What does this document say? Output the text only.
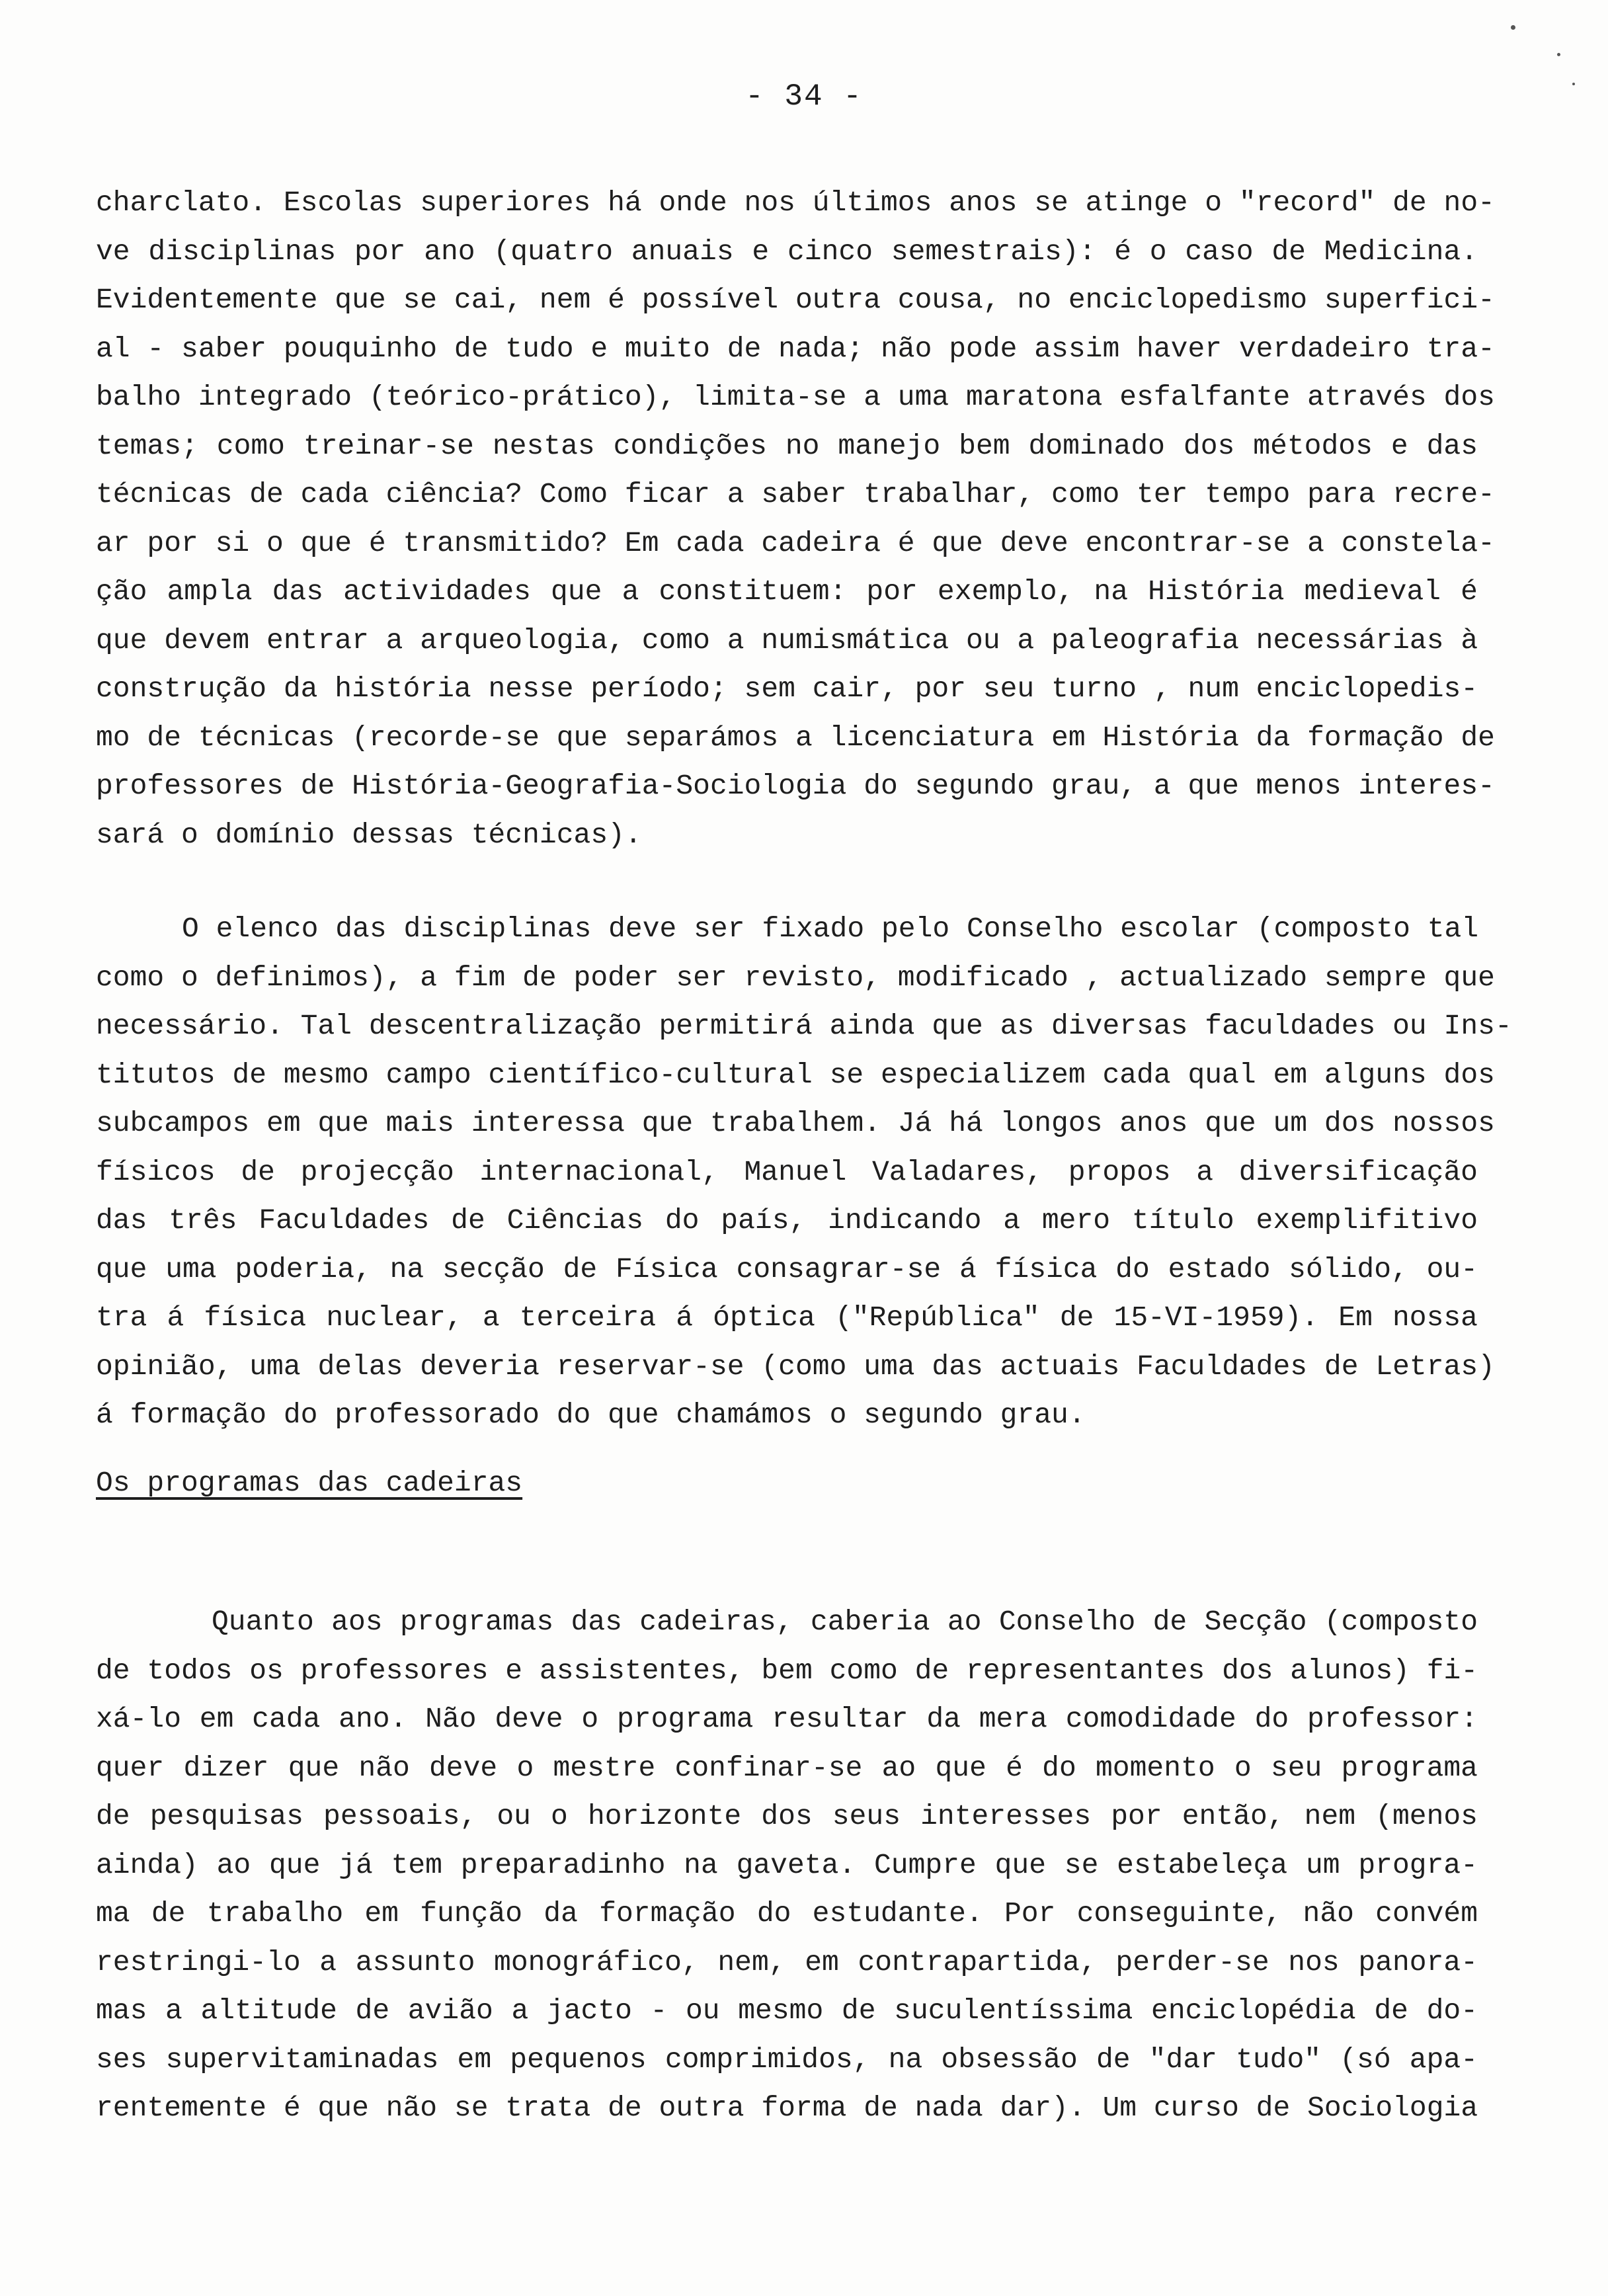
- 34 -
charclato. Escolas superiores há onde nos últimos anos se atinge o "record" de no-
ve disciplinas por ano (quatro anuais e cinco semestrais): é o caso de Medicina.
Evidentemente que se cai, nem é possível outra cousa, no enciclopedismo superfici-
al - saber pouquinho de tudo e muito de nada; não pode assim haver verdadeiro tra-
balho integrado (teórico-prático), limita-se a uma maratona esfalfante através dos
temas; como treinar-se nestas condições no manejo bem dominado dos métodos e das
técnicas de cada ciência? Como ficar a saber trabalhar, como ter tempo para recre-
ar por si o que é transmitido? Em cada cadeira é que deve encontrar-se a constela-
ção ampla das actividades que a constituem: por exemplo, na História medieval é
que devem entrar a arqueologia, como a numismática ou a paleografia necessárias à
construção da história nesse período; sem cair, por seu turno , num enciclopedis-
mo de técnicas (recorde-se que separámos a licenciatura em História da formação de
professores de História-Geografia-Sociologia do segundo grau, a que menos interes-
sará o domínio dessas técnicas).
O elenco das disciplinas deve ser fixado pelo Conselho escolar (composto tal
como o definimos), a fim de poder ser revisto, modificado , actualizado sempre que
necessário. Tal descentralização permitirá ainda que as diversas faculdades ou Ins-
titutos de mesmo campo científico-cultural se especializem cada qual em alguns dos
subcampos em que mais interessa que trabalhem. Já há longos anos que um dos nossos
físicos de projecção internacional, Manuel Valadares, propos a diversificação
das três Faculdades de Ciências do país, indicando a mero título exemplifitivo
que uma poderia, na secção de Física consagrar-se á física do estado sólido, ou-
tra á física nuclear, a terceira á óptica ("República" de 15-VI-1959). Em nossa
opinião, uma delas deveria reservar-se (como uma das actuais Faculdades de Letras)
á formação do professorado do que chamámos o segundo grau.
Os programas das cadeiras
Quanto aos programas das cadeiras, caberia ao Conselho de Secção (composto
de todos os professores e assistentes, bem como de representantes dos alunos) fi-
xá-lo em cada ano. Não deve o programa resultar da mera comodidade do professor:
quer dizer que não deve o mestre confinar-se ao que é do momento o seu programa
de pesquisas pessoais, ou o horizonte dos seus interesses por então, nem (menos
ainda) ao que já tem preparadinho na gaveta. Cumpre que se estabeleça um progra-
ma de trabalho em função da formação do estudante. Por conseguinte, não convém
restringi-lo a assunto monográfico, nem, em contrapartida, perder-se nos panora-
mas a altitude de avião a jacto - ou mesmo de suculentíssima enciclopédia de do-
ses supervitaminadas em pequenos comprimidos, na obsessão de "dar tudo" (só apa-
rentemente é que não se trata de outra forma de nada dar). Um curso de Sociologia
